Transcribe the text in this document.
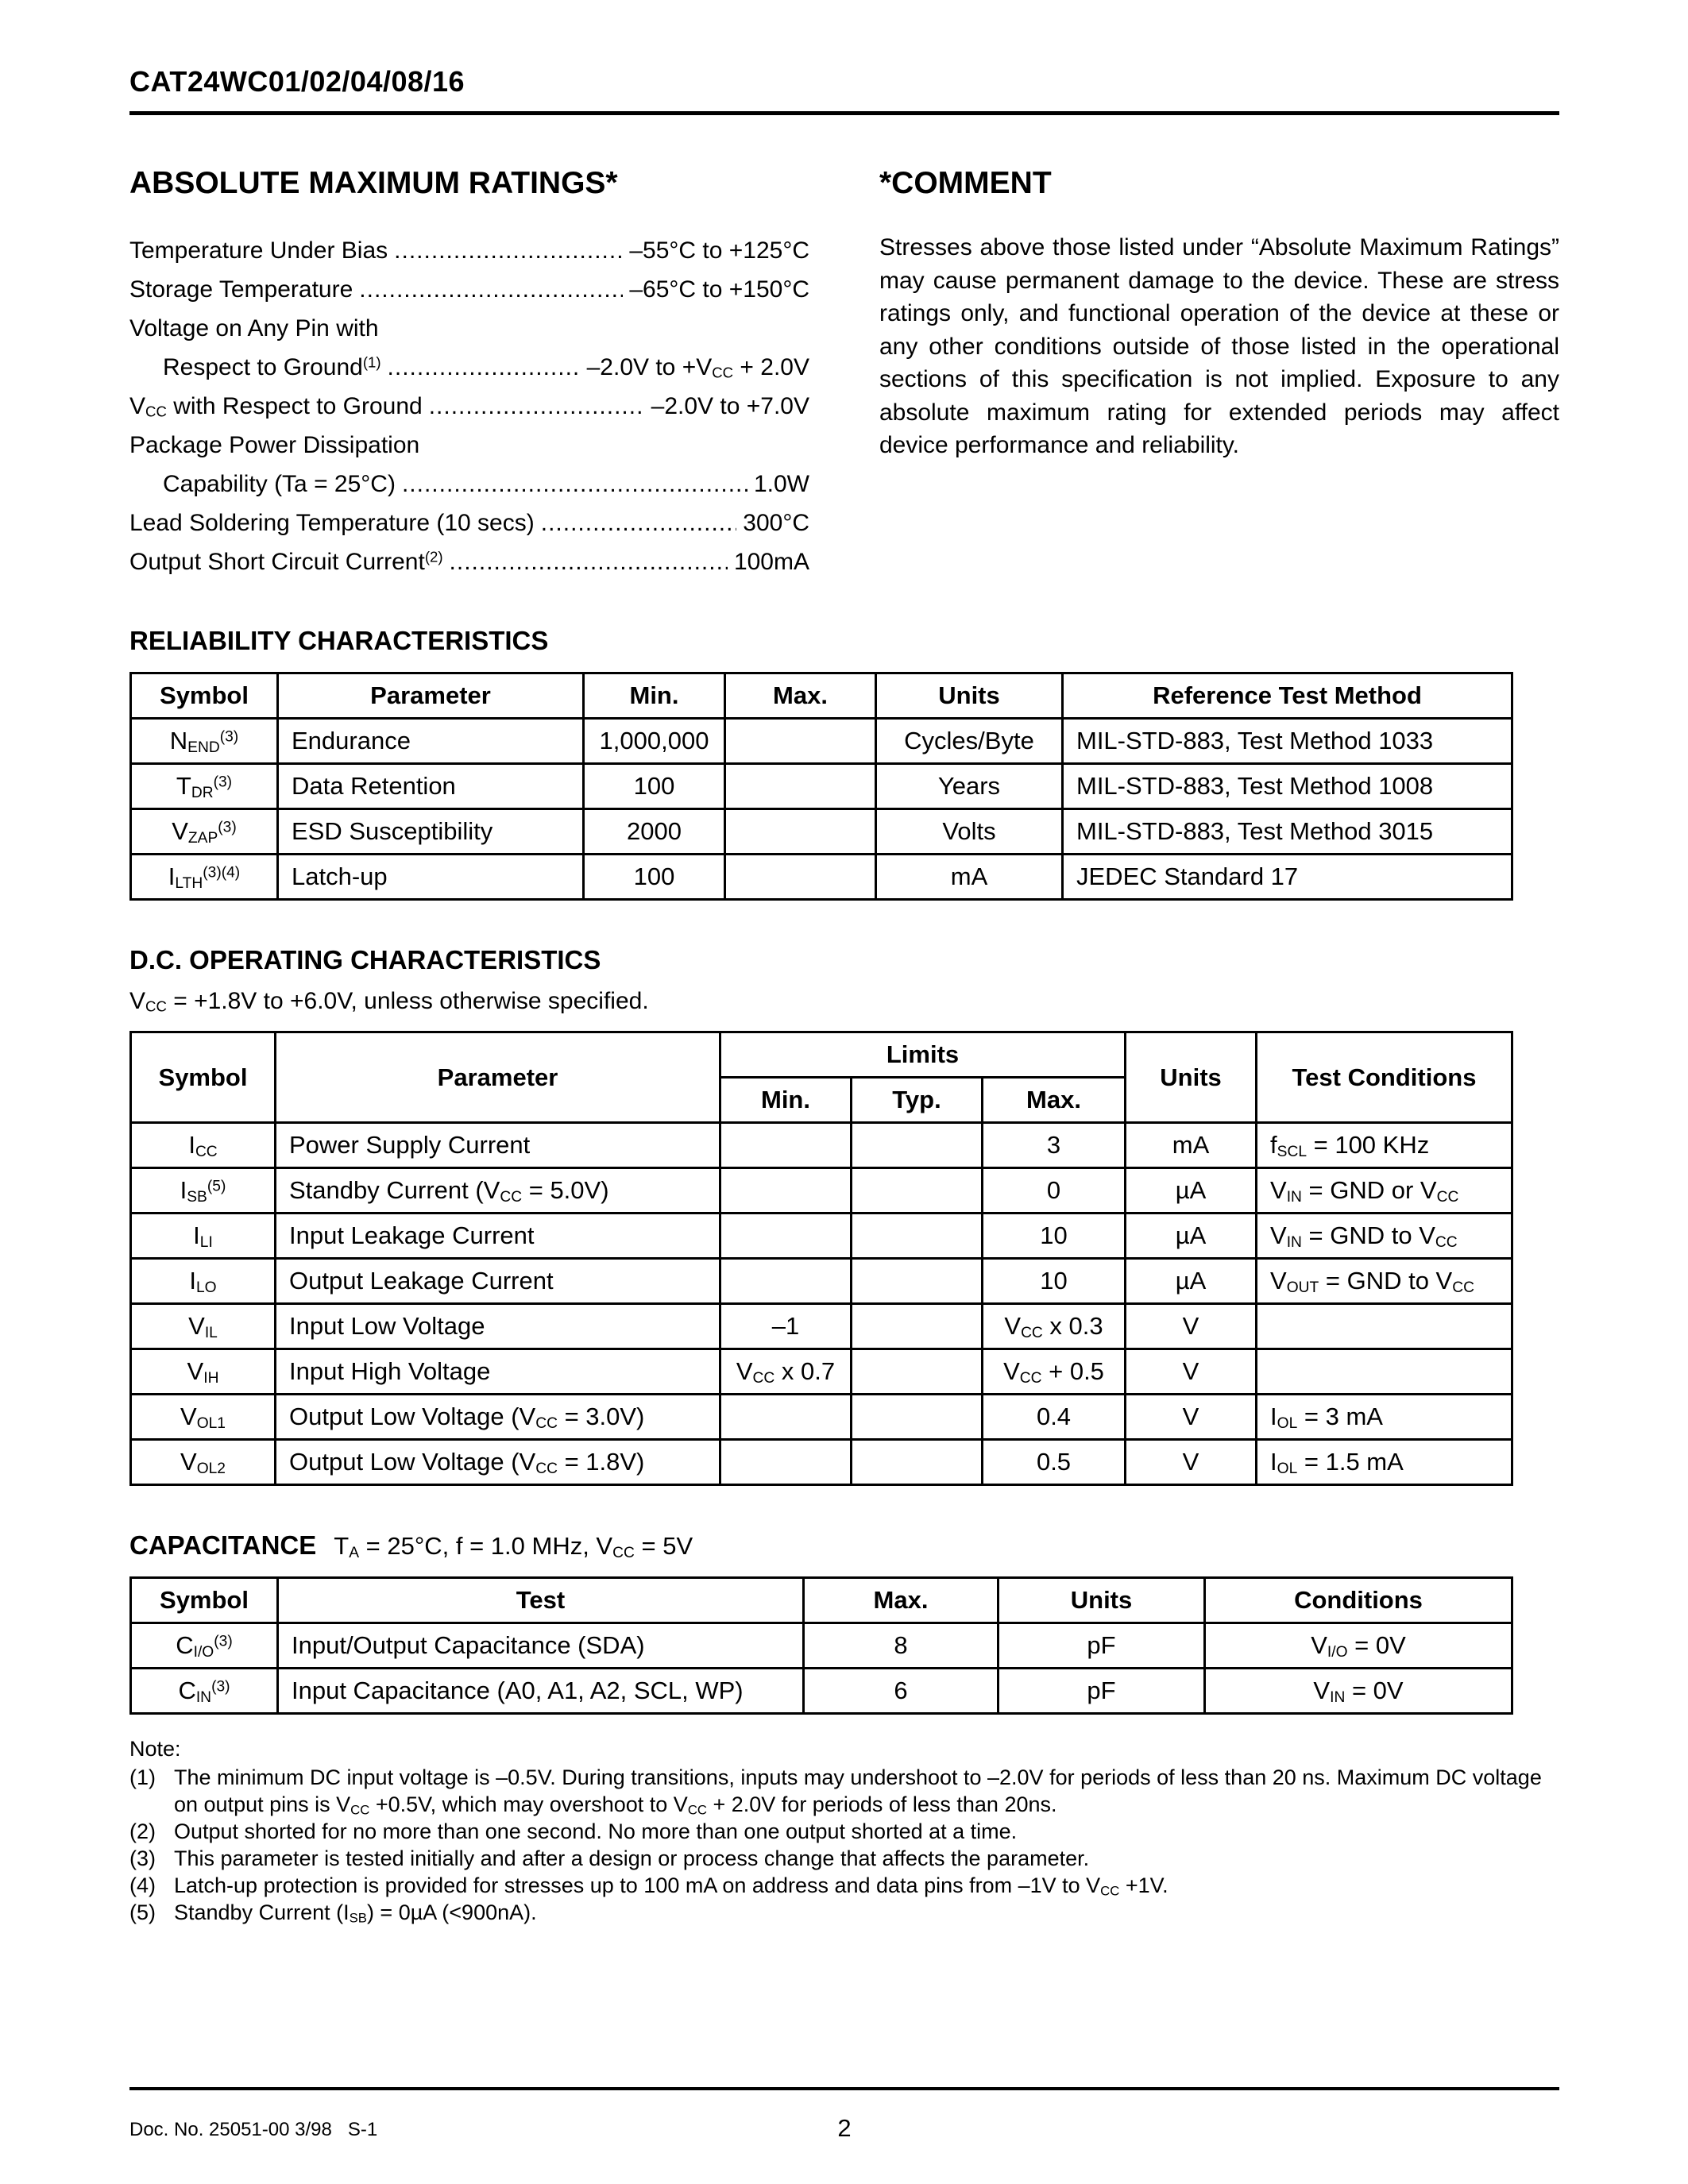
CAT24WC01/02/04/08/16
ABSOLUTE MAXIMUM RATINGS*
Temperature Under Bias .....	–55°C to +125°C
Storage Temperature .....	–65°C to +150°C
Voltage on Any Pin with
Respect to Ground$^{(1)}$ .....	–2.0V to $+V_{CC} + 2.0V$
$V_{CC}$ with Respect to Ground .....	–2.0V to +7.0V
Package Power Dissipation
Capability (Ta = 25°C) .....	1.0W
Lead Soldering Temperature (10 secs) .....	300°C
Output Short Circuit Current$^{(2)}$ .....	100mA
*COMMENT
Stresses above those listed under “Absolute Maximum Ratings” may cause permanent damage to the device. These are stress ratings only, and functional operation of the device at these or any other conditions outside of those listed in the operational sections of this specification is not implied. Exposure to any absolute maximum rating for extended periods may affect device performance and reliability.
RELIABILITY CHARACTERISTICS
Symbol	Parameter	Min.	Max.	Units	Reference Test Method
$N_{END}^{(3)}$	Endurance	1,000,000		Cycles/Byte	MIL-STD-883, Test Method 1033
$T_{DR}^{(3)}$	Data Retention	100		Years	MIL-STD-883, Test Method 1008
$V_{ZAP}^{(3)}$	ESD Susceptibility	2000		Volts	MIL-STD-883, Test Method 3015
$I_{LTH}^{(3)(4)}$	Latch-up	100		mA	JEDEC Standard 17
D.C. OPERATING CHARACTERISTICS
$V_{CC} = +1.8V$ to +6.0V, unless otherwise specified.
Symbol	Parameter	Limits			Units	Test Conditions
		Min.	Typ.	Max.		
$I_{CC}$	Power Supply Current			3	mA	$f_{SCL} = 100$ KHz
$I_{SB}^{(5)}$	Standby Current $(V_{CC} = 5.0V)$			0	µA	$V_{IN}$ = GND or $V_{CC}$
$I_{LI}$	Input Leakage Current			10	µA	$V_{IN}$ = GND to $V_{CC}$
$I_{LO}$	Output Leakage Current			10	µA	$V_{OUT}$ = GND to $V_{CC}$
$V_{IL}$	Input Low Voltage	–1		$V_{CC}$ x 0.3	V	
$V_{IH}$	Input High Voltage	$V_{CC}$ x 0.7		$V_{CC} + 0.5$	V	
$V_{OL1}$	Output Low Voltage $(V_{CC} = 3.0V)$			0.4	V	$I_{OL} = 3$ mA
$V_{OL2}$	Output Low Voltage $(V_{CC} = 1.8V)$			0.5	V	$I_{OL} = 1.5$ mA
CAPACITANCE $T_A = 25^\circ C$, f = 1.0 MHz, $V_{CC} = 5V$
Symbol	Test	Max.	Units	Conditions
$C_{I/O}^{(3)}$	Input/Output Capacitance (SDA)	8	pF	$V_{I/O} = 0V$
$C_{IN}^{(3)}$	Input Capacitance (A0, A1, A2, SCL, WP)	6	pF	$V_{IN} = 0V$
Note:
(1) The minimum DC input voltage is –0.5V. During transitions, inputs may undershoot to –2.0V for periods of less than 20 ns. Maximum DC voltage on output pins is $V_{CC} +0.5V$, which may overshoot to $V_{CC} + 2.0V$ for periods of less than 20ns.
(2) Output shorted for no more than one second. No more than one output shorted at a time.
(3) This parameter is tested initially and after a design or process change that affects the parameter.
(4) Latch-up protection is provided for stresses up to 100 mA on address and data pins from –1V to $V_{CC} +1V$.
(5) Standby Current $(I_{SB}) = 0\mu A$ (<900nA).
Doc. No. 25051-00 3/98   S-1	2
